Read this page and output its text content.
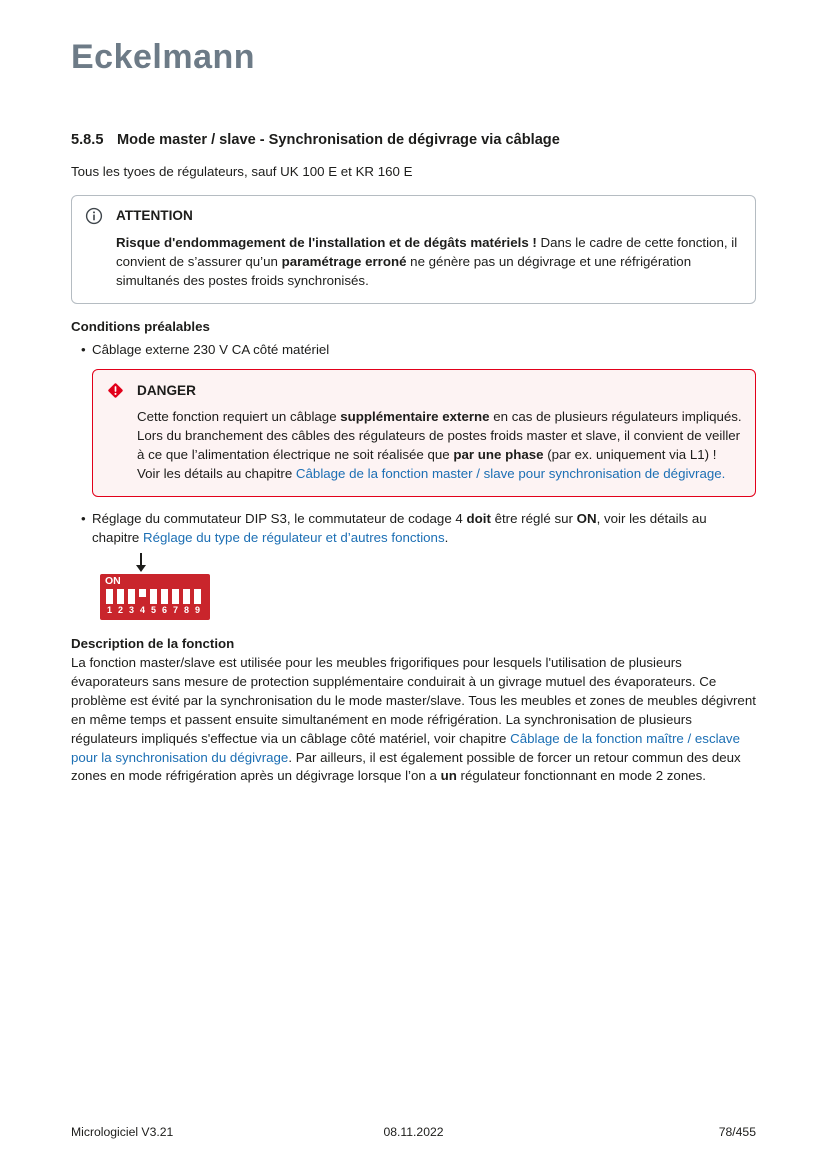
Eckelmann
5.8.5 Mode master / slave - Synchronisation de dégivrage via câblage
Tous les tyoes de régulateurs, sauf UK 100 E et KR 160 E
ATTENTION
Risque d'endommagement de l'installation et de dégâts matériels ! Dans le cadre de cette fonction, il convient de s’assurer qu’un paramétrage erroné ne génère pas un dégivrage et une réfrigération simultanés des postes froids synchronisés.
Conditions préalables
• Câblage externe 230 V CA côté matériel
DANGER
Cette fonction requiert un câblage supplémentaire externe en cas de plusieurs régulateurs impliqués. Lors du branchement des câbles des régulateurs de postes froids master et slave, il convient de veiller à ce que l’alimentation électrique ne soit réalisée que par une phase (par ex. uniquement via L1) ! Voir les détails au chapitre Câblage de la fonction master / slave pour synchronisation de dégivrage.
• Réglage du commutateur DIP S3, le commutateur de codage 4 doit être réglé sur ON, voir les détails au chapitre Réglage du type de régulateur et d’autres fonctions.
ON
1 2 3 4 5 6 7 8 9
Description de la fonction
La fonction master/slave est utilisée pour les meubles frigorifiques pour lesquels l'utilisation de plusieurs évaporateurs sans mesure de protection supplémentaire conduirait à un givrage mutuel des évaporateurs. Ce problème est évité par la synchronisation du le mode master/slave. Tous les meubles et zones de meubles dégivrent en même temps et passent ensuite simultanément en mode réfrigération. La synchronisation de plusieurs régulateurs impliqués s'effectue via un câblage côté matériel, voir chapitre Câblage de la fonction maître / esclave pour la synchronisation du dégivrage. Par ailleurs, il est également possible de forcer un retour commun des deux zones en mode réfrigération après un dégivrage lorsque l’on a un régulateur fonctionnant en mode 2 zones.
Micrologiciel V3.21	08.11.2022	78/455
